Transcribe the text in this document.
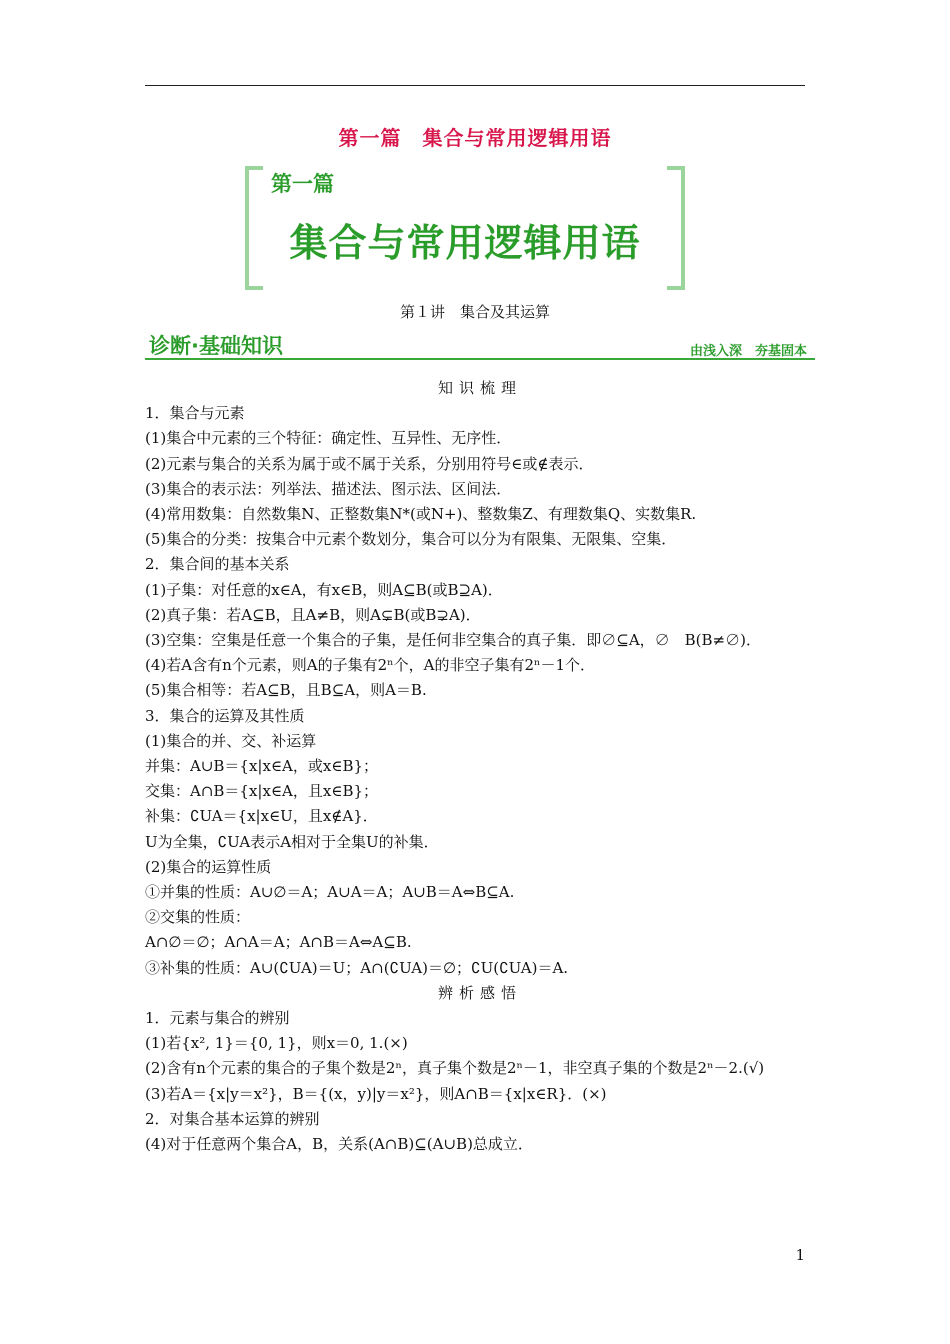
第一篇　集合与常用逻辑用语
第一篇
集合与常用逻辑用语
第１讲　集合及其运算
诊断·基础知识	由浅入深　夯基固本

知识梳理

1．集合与元素

(1)集合中元素的三个特征：确定性、互异性、无序性．

(2)元素与集合的关系为属于或不属于关系，分别用符号∈或∉表示．

(3)集合的表示法：列举法、描述法、图示法、区间法．

(4)常用数集：自然数集N、正整数集N*(或N+)、整数集Z、有理数集Q、实数集R.

(5)集合的分类：按集合中元素个数划分，集合可以分为有限集、无限集、空集．

2．集合间的基本关系

(1)子集：对任意的x∈A，有x∈B，则A⊆B(或B⊇A)．

(2)真子集：若A⊆B，且A≠B，则A⊊B(或B⊋A)．

(3)空集：空集是任意一个集合的子集，是任何非空集合的真子集．即∅⊆A，∅　B(B≠∅)．

(4)若A含有n个元素，则A的子集有2ⁿ个，A的非空子集有2ⁿ－1个．

(5)集合相等：若A⊆B，且B⊆A，则A＝B.

3．集合的运算及其性质

(1)集合的并、交、补运算

并集：A∪B＝{x|x∈A，或x∈B}；

交集：A∩B＝{x|x∈A，且x∈B}；

补集：∁UA＝{x|x∈U，且x∉A}．

U为全集，∁UA表示A相对于全集U的补集．

(2)集合的运算性质

①并集的性质：A∪∅＝A；A∪A＝A；A∪B＝A⇔B⊆A.

②交集的性质：

A∩∅＝∅；A∩A＝A；A∩B＝A⇔A⊆B.

③补集的性质：A∪(∁UA)＝U；A∩(∁UA)＝∅；∁U(∁UA)＝A.

辨析感悟

1．元素与集合的辨别

(1)若{x², 1}＝{0, 1}，则x＝0, 1.(×)

(2)含有n个元素的集合的子集个数是2ⁿ，真子集个数是2ⁿ－1，非空真子集的个数是2ⁿ－2.(√)

(3)若A＝{x|y＝x²}，B＝{(x，y)|y＝x²}，则A∩B＝{x|x∈R}．(×)

2．对集合基本运算的辨别

(4)对于任意两个集合A，B，关系(A∩B)⊆(A∪B)总成立．

1
